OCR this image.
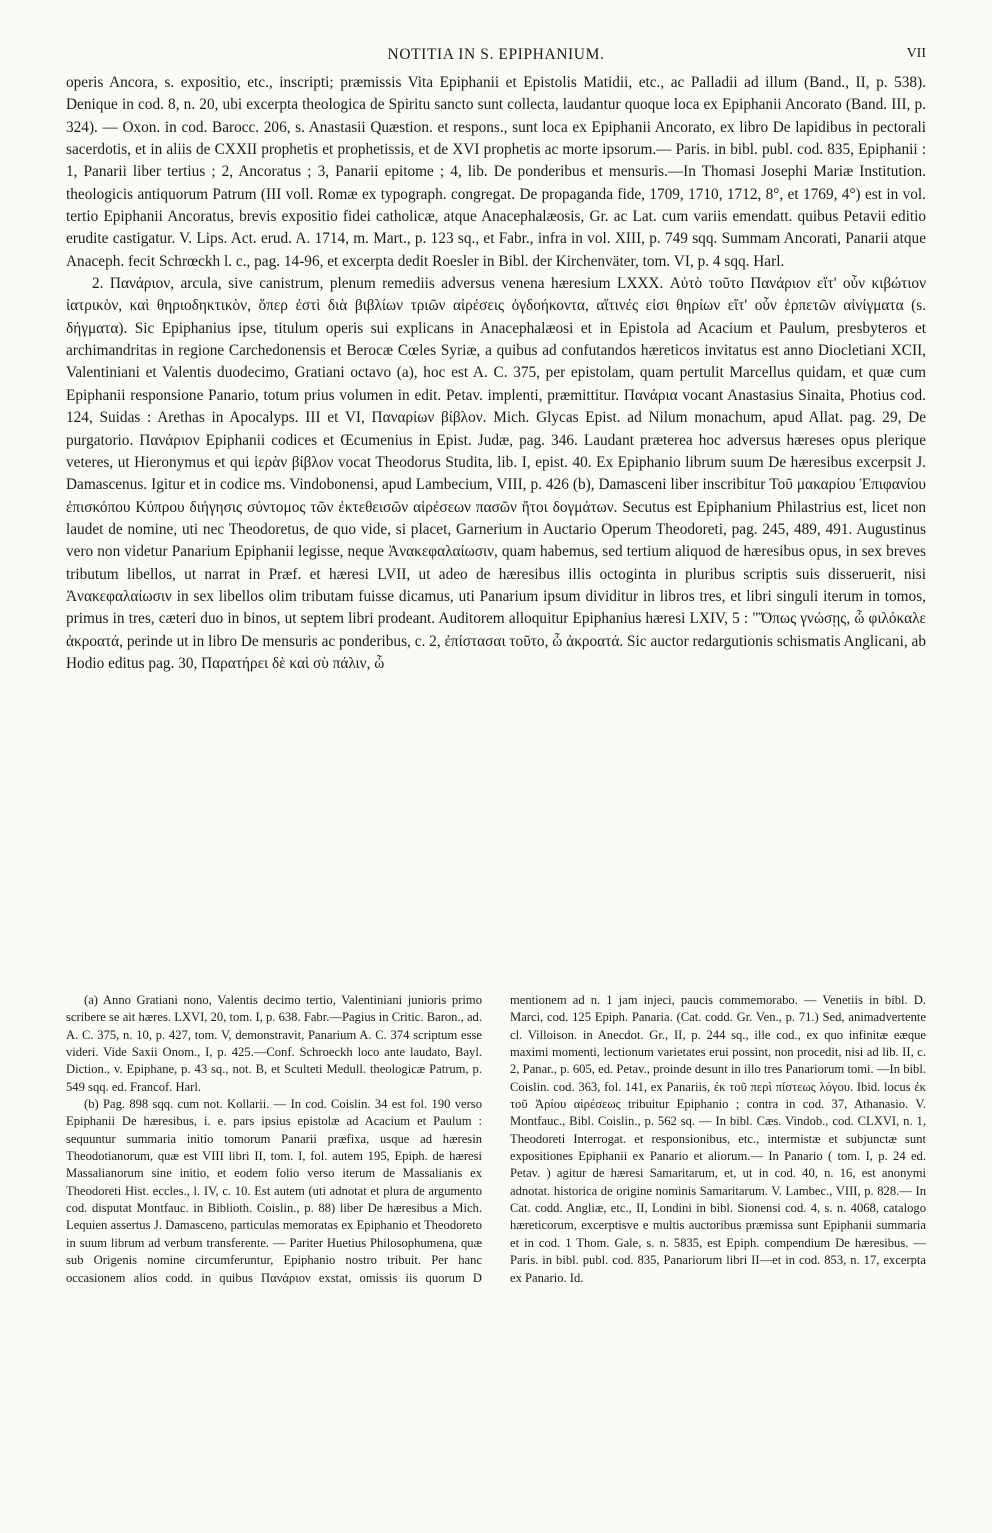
NOTITIA IN S. EPIPHANIUM.	VII

operis Ancora, s. expositio, etc., inscripti; præmissis Vita Epiphanii et Epistolis Matidii, etc., ac Palladii ad illum (Band., II, p. 538). Denique in cod. 8, n. 20, ubi excerpta theologica de Spiritu sancto sunt collecta, laudantur quoque loca ex Epiphanii Ancorato (Band. III, p. 324). — Oxon. in cod. Barocc. 206, s. Anastasii Quæstion. et respons., sunt loca ex Epiphanii Ancorato, ex libro De lapidibus in pectorali sacerdotis, et in aliis de CXXII prophetis et prophetissis, et de XVI prophetis ac morte ipsorum.— Paris. in bibl. publ. cod. 835, Epiphanii : 1, Panarii liber tertius ; 2, Ancoratus ; 3, Panarii epitome ; 4, lib. De ponderibus et mensuris.—In Thomasi Josephi Mariæ Institution. theologicis antiquorum Patrum (III voll. Romæ ex typograph. congregat. De propaganda fide, 1709, 1710, 1712, 8°, et 1769, 4°) est in vol. tertio Epiphanii Ancoratus, brevis expositio fidei catholicæ, atque Anacephalæosis, Gr. ac Lat. cum variis emendatt. quibus Petavii editio erudite castigatur. V. Lips. Act. erud. A. 1714, m. Mart., p. 123 sq., et Fabr., infra in vol. XIII, p. 749 sqq. Summam Ancorati, Panarii atque Anaceph. fecit Schrœckh l. c., pag. 14-96, et excerpta dedit Roesler in Bibl. der Kirchenväter, tom. VI, p. 4 sqq. Harl.

2. Πανάριον, arcula, sive canistrum, plenum remediis adversus venena hæresium LXXX. Αὐτὸ τοῦτο Πανάριον εἴτ' οὖν κιβώτιον ἰατρικὸν, καὶ θηριοδηκτικὸν, ὅπερ ἐστὶ διὰ βιβλίων τριῶν αἱρέσεις ὀγδοήκοντα, αἵτινές εἰσι θηρίων εἴτ' οὖν ἑρπετῶν αἰνίγματα (s. δήγματα). Sic Epiphanius ipse, titulum operis sui explicans in Anacephalæosi et in Epistola ad Acacium et Paulum, presbyteros et archimandritas in regione Carchedonensis et Berocæ Cœles Syriæ, a quibus ad confutandos hæreticos invitatus est anno Diocletiani XCII, Valentiniani et Valentis duodecimo, Gratiani octavo (a), hoc est A. C. 375, per epistolam, quam pertulit Marcellus quidam, et quæ cum Epiphanii responsione Panario, totum prius volumen in edit. Petav. implenti, præmittitur. Πανάρια vocant Anastasius Sinaita, Photius cod. 124, Suidas : Arethas in Apocalyps. III et VI, Παναρίων βίβλον. Mich. Glycas Epist. ad Nilum monachum, apud Allat. pag. 29, De purgatorio. Πανάριον Epiphanii codices et Œcumenius in Epist. Judæ, pag. 346. Laudant præterea hoc adversus hæreses opus plerique veteres, ut Hieronymus et qui ἱερὰν βίβλον vocat Theodorus Studita, lib. I, epist. 40. Ex Epiphanio librum suum De hæresibus excerpsit J. Damascenus. Igitur et in codice ms. Vindobonensi, apud Lambecium, VIII, p. 426 (b), Damasceni liber inscribitur Τοῦ μακαρίου Ἐπιφανίου ἐπισκόπου Κύπρου διήγησις σύντομος τῶν ἐκτεθεισῶν αἱρέσεων πασῶν ἤτοι δογμάτων. Secutus est Epiphanium Philastrius est, licet non laudet de nomine, uti nec Theodoretus, de quo vide, si placet, Garnerium in Auctario Operum Theodoreti, pag. 245, 489, 491. Augustinus vero non videtur Panarium Epiphanii legisse, neque Ἀνακεφαλαίωσιν, quam habemus, sed tertium aliquod de hæresibus opus, in sex breves tributum libellos, ut narrat in Præf. et hæresi LVII, ut adeo de hæresibus illis octoginta in pluribus scriptis suis disseruerit, nisi Ἀνακεφαλαίωσιν in sex libellos olim tributam fuisse dicamus, uti Panarium ipsum dividitur in libros tres, et libri singuli iterum in tomos, primus in tres, cæteri duo in binos, ut septem libri prodeant. Auditorem alloquitur Epiphanius hæresi LXIV, 5 : "Ὅπως γνώσῃς, ὦ φιλόκαλε ἀκροατά, perinde ut in libro De mensuris ac ponderibus, c. 2, ἐπίστασαι τοῦτο, ὦ ἀκροατά. Sic auctor redargutionis schismatis Anglicani, ab Hodio editus pag. 30, Παρατήρει δὲ καὶ σὺ πάλιν, ὦ

(a) Anno Gratiani nono, Valentis decimo tertio, Valentiniani junioris primo scribere se ait hæres. LXVI, 20, tom. I, p. 638. Fabr.—Pagius in Critic. Baron., ad. A. C. 375, n. 10, p. 427, tom. V, demonstravit, Panarium A. C. 374 scriptum esse videri. Vide Saxii Onom., I, p. 425.—Conf. Schroeckh loco ante laudato, Bayl. Diction., v. Epiphane, p. 43 sq., not. B, et Sculteti Medull. theologicæ Patrum, p. 549 sqq. ed. Francof. Harl.

(b) Pag. 898 sqq. cum not. Kollarii. — In cod. Coislin. 34 est fol. 190 verso Epiphanii De hæresibus, i. e. pars ipsius epistolæ ad Acacium et Paulum : sequuntur summaria initio tomorum Panarii præfixa, usque ad hæresin Theodotianorum, quæ est VIII libri II, tom. I, fol. autem 195, Epiph. de hæresi Massalianorum sine initio, et eodem folio verso iterum de Massalianis ex Theodoreti Hist. eccles., l. IV, c. 10. Est autem (uti adnotat et plura de argumento cod. disputat Montfauc. in Biblioth. Coislin., p. 88) liber De hæresibus a Mich. Lequien assertus J. Damasceno, particulas memoratas ex Epiphanio et Theodoreto in suum librum ad verbum transferente. — Pariter Huetius Philosophumena, quæ sub Origenis nomine circumferuntur, Epiphanio nostro tribuit. Per hanc occasionem alios codd. in quibus Πανάριον exstat, omissis iis quorum D mentionem ad n. 1 jam injeci, paucis commemorabo. — Venetiis in bibl. D. Marci, cod. 125 Epiph. Panaria. (Cat. codd. Gr. Ven., p. 71.) Sed, animadvertente cl. Villoison. in Anecdot. Gr., II, p. 244 sq., ille cod., ex quo infinitæ eæque maximi momenti, lectionum varietates erui possint, non procedit, nisi ad lib. II, c. 2, Panar., p. 605, ed. Petav., proinde desunt in illo tres Panariorum tomi. —In bibl. Coislin. cod. 363, fol. 141, ex Panariis, ἐκ τοῦ περὶ πίστεως λόγου. Ibid. locus ἐκ τοῦ Ἀρίου αἱρέσεως tribuitur Epiphanio ; contra in cod. 37, Athanasio. V. Montfauc., Bibl. Coislin., p. 562 sq. — In bibl. Cæs. Vindob., cod. CLXVI, n. 1, Theodoreti Interrogat. et responsionibus, etc., intermistæ et subjunctæ sunt expositiones Epiphanii ex Panario et aliorum.— In Panario ( tom. I, p. 24 ed. Petav. ) agitur de hæresi Samaritarum, et, ut in cod. 40, n. 16, est anonymi adnotat. historica de origine nominis Samaritarum. V. Lambec., VIII, p. 828.— In Cat. codd. Angliæ, etc., II, Londini in bibl. Sionensi cod. 4, s. n. 4068, catalogo hæreticorum, excerptisve e multis auctoribus præmissa sunt Epiphanii summaria et in cod. 1 Thom. Gale, s. n. 5835, est Epiph. compendium De hæresibus. — Paris. in bibl. publ. cod. 835, Panariorum libri II—et in cod. 853, n. 17, excerpta ex Panario. Id.
